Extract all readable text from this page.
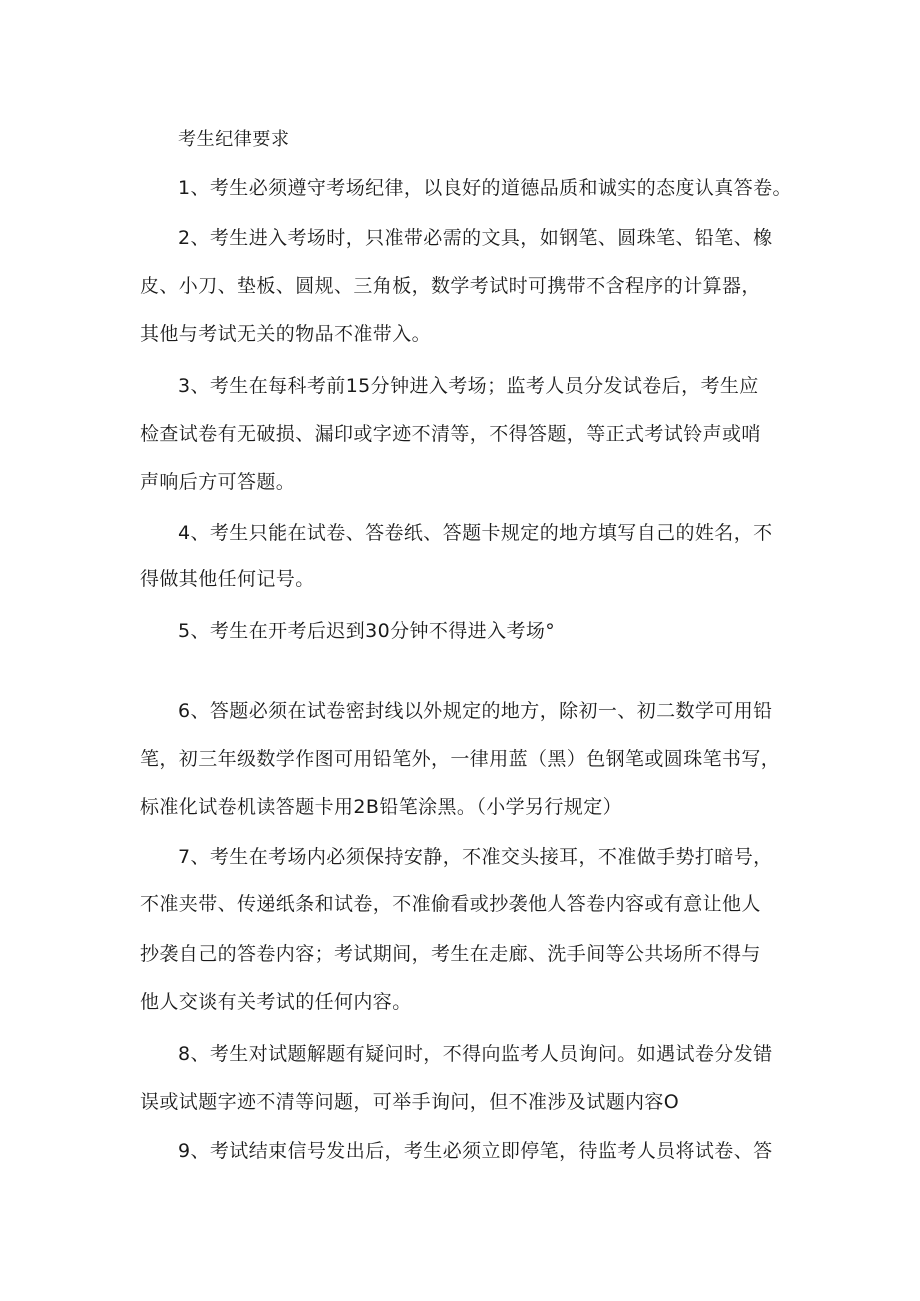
考生纪律要求
1、考生必须遵守考场纪律，以良好的道德品质和诚实的态度认真答卷。
2、考生进入考场时，只准带必需的文具，如钢笔、圆珠笔、铅笔、橡
皮、小刀、垫板、圆规、三角板，数学考试时可携带不含程序的计算器，
其他与考试无关的物品不准带入。
3、考生在每科考前15分钟进入考场；监考人员分发试卷后，考生应
检查试卷有无破损、漏印或字迹不清等，不得答题，等正式考试铃声或哨
声响后方可答题。
4、考生只能在试卷、答卷纸、答题卡规定的地方填写自己的姓名，不
得做其他任何记号。
5、考生在开考后迟到30分钟不得进入考场°
6、答题必须在试卷密封线以外规定的地方，除初一、初二数学可用铅
笔，初三年级数学作图可用铅笔外，一律用蓝（黑）色钢笔或圆珠笔书写，
标准化试卷机读答题卡用2B铅笔涂黑。（小学另行规定）
7、考生在考场内必须保持安静，不准交头接耳，不准做手势打暗号，
不准夹带、传递纸条和试卷，不准偷看或抄袭他人答卷内容或有意让他人
抄袭自己的答卷内容；考试期间，考生在走廊、洗手间等公共场所不得与
他人交谈有关考试的任何内容。
8、考生对试题解题有疑问时，不得向监考人员询问。如遇试卷分发错
误或试题字迹不清等问题，可举手询问，但不准涉及试题内容O
9、考试结束信号发出后，考生必须立即停笔，待监考人员将试卷、答
